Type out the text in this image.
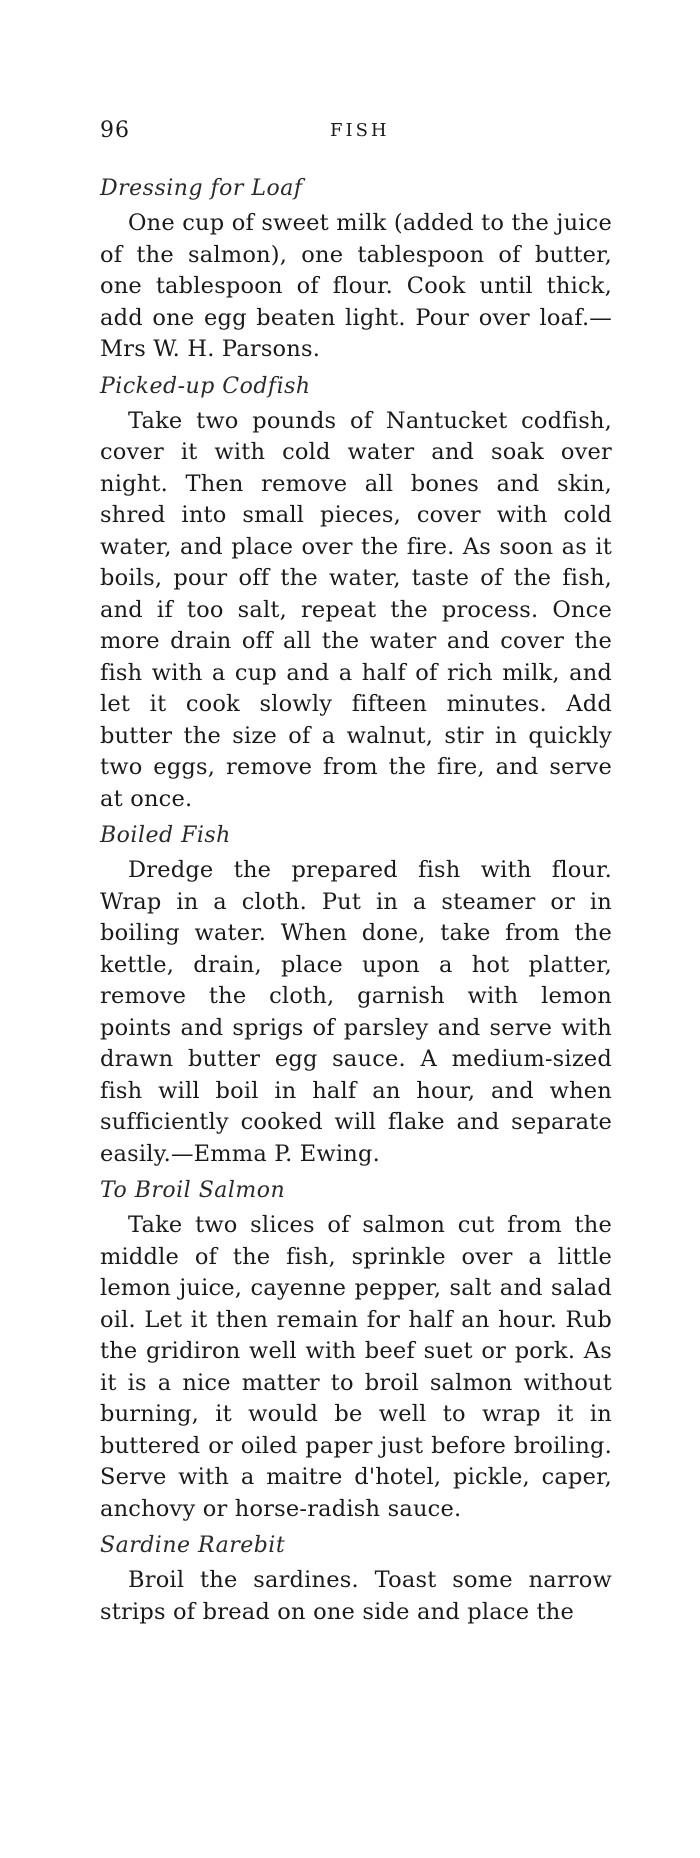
96	FISH
Dressing for Loaf

One cup of sweet milk (added to the juice of the salmon), one tablespoon of butter, one tablespoon of flour. Cook until thick, add one egg beaten light. Pour over loaf.—Mrs W. H. Parsons.

Picked-up Codfish

Take two pounds of Nantucket codfish, cover it with cold water and soak over night. Then remove all bones and skin, shred into small pieces, cover with cold water, and place over the fire. As soon as it boils, pour off the water, taste of the fish, and if too salt, repeat the process. Once more drain off all the water and cover the fish with a cup and a half of rich milk, and let it cook slowly fifteen minutes. Add butter the size of a walnut, stir in quickly two eggs, remove from the fire, and serve at once.

Boiled Fish

Dredge the prepared fish with flour. Wrap in a cloth. Put in a steamer or in boiling water. When done, take from the kettle, drain, place upon a hot platter, remove the cloth, garnish with lemon points and sprigs of parsley and serve with drawn butter egg sauce. A medium-sized fish will boil in half an hour, and when sufficiently cooked will flake and separate easily.—Emma P. Ewing.

To Broil Salmon

Take two slices of salmon cut from the middle of the fish, sprinkle over a little lemon juice, cayenne pepper, salt and salad oil. Let it then remain for half an hour. Rub the gridiron well with beef suet or pork. As it is a nice matter to broil salmon without burning, it would be well to wrap it in buttered or oiled paper just before broiling. Serve with a maitre d'hotel, pickle, caper, anchovy or horse-radish sauce.

Sardine Rarebit

Broil the sardines. Toast some narrow strips of bread on one side and place the
